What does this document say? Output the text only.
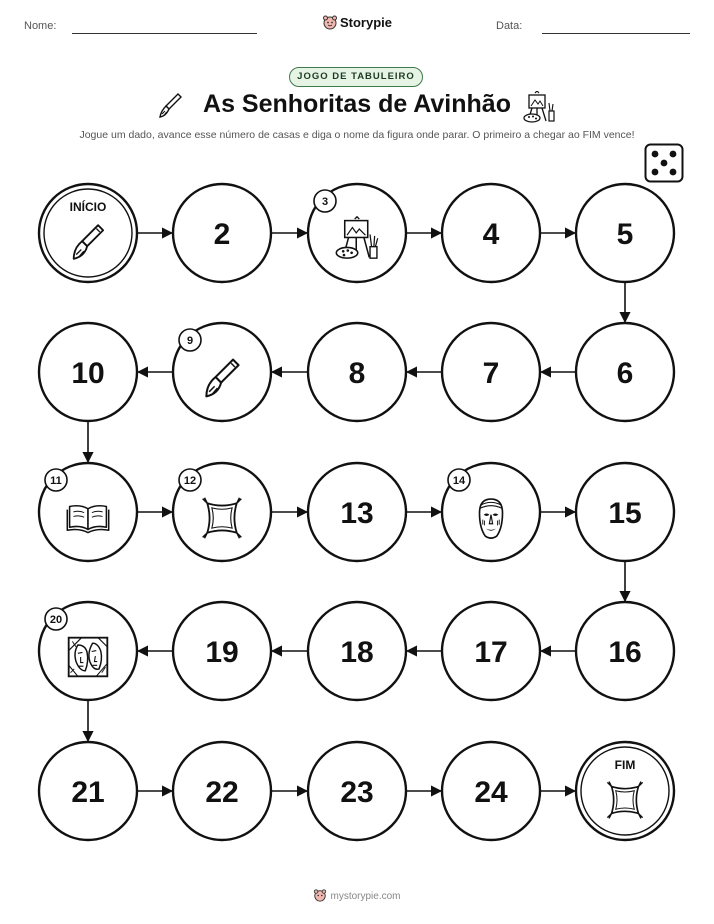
Nome:	Storypie	Data:
JOGO DE TABULEIRO
As Senhoritas de Avinhão
Jogue um dado, avance esse número de casas e diga o nome da figura onde parar. O primeiro a chegar ao FIM vence!
INÍCIO
2
3
4	5
6
7
8
9
10
11	12
13
14
15
16
17
18
19
20
21	22	23	24
FIM
mystorypie.com
